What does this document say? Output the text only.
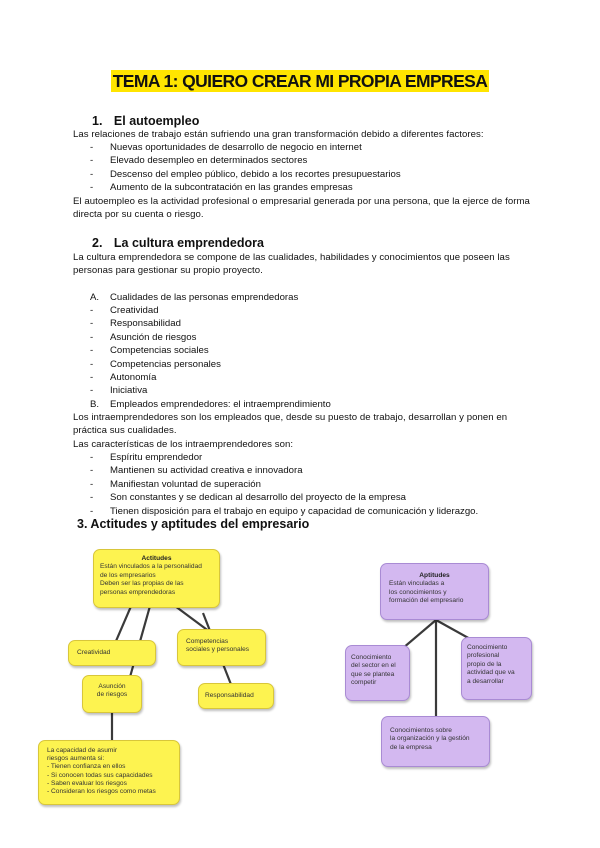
TEMA 1: QUIERO CREAR MI PROPIA EMPRESA
1. El autoempleo
Las relaciones de trabajo están sufriendo una gran transformación debido a diferentes factores:
- Nuevas oportunidades de desarrollo de negocio en internet
- Elevado desempleo en determinados sectores
- Descenso del empleo público, debido a los recortes presupuestarios
- Aumento de la subcontratación en las grandes empresas
El autoempleo es la actividad profesional o empresarial generada por una persona, que la ejerce de forma directa por su cuenta o riesgo.
2. La cultura emprendedora
La cultura emprendedora se compone de las cualidades, habilidades y conocimientos que poseen las personas para gestionar su propio proyecto.
A. Cualidades de las personas emprendedoras
- Creatividad
- Responsabilidad
- Asunción de riesgos
- Competencias sociales
- Competencias personales
- Autonomía
- Iniciativa
B. Empleados emprendedores: el intraemprendimiento
Los intraemprendedores son los empleados que, desde su puesto de trabajo, desarrollan y ponen en práctica sus cualidades.
Las características de los intraemprendedores son:
- Espíritu emprendedor
- Mantienen su actividad creativa e innovadora
- Manifiestan voluntad de superación
- Son constantes y se dedican al desarrollo del proyecto de la empresa
- Tienen disposición para el trabajo en equipo y capacidad de comunicación y liderazgo.
3. Actitudes y aptitudes del empresario
Actitudes
Están vinculados a la personalidad
de los empresarios
Deben ser las propias de las
personas emprendedoras
Creatividad
Competencias
sociales y personales
Asunción
de riesgos	Responsabilidad
La capacidad de asumir
riesgos aumenta si:
- Tienen confianza en ellos
- Si conocen todas sus capacidades
- Saben evaluar los riesgos
- Consideran los riesgos como metas
Aptitudes
Están vinculadas a
los conocimientos y
formación del empresario
Conocimiento
del sector en el
que se plantea
competir
Conocimiento
profesional
propio de la
actividad que va
a desarrollar
Conocimientos sobre
la organización y la gestión
de la empresa
